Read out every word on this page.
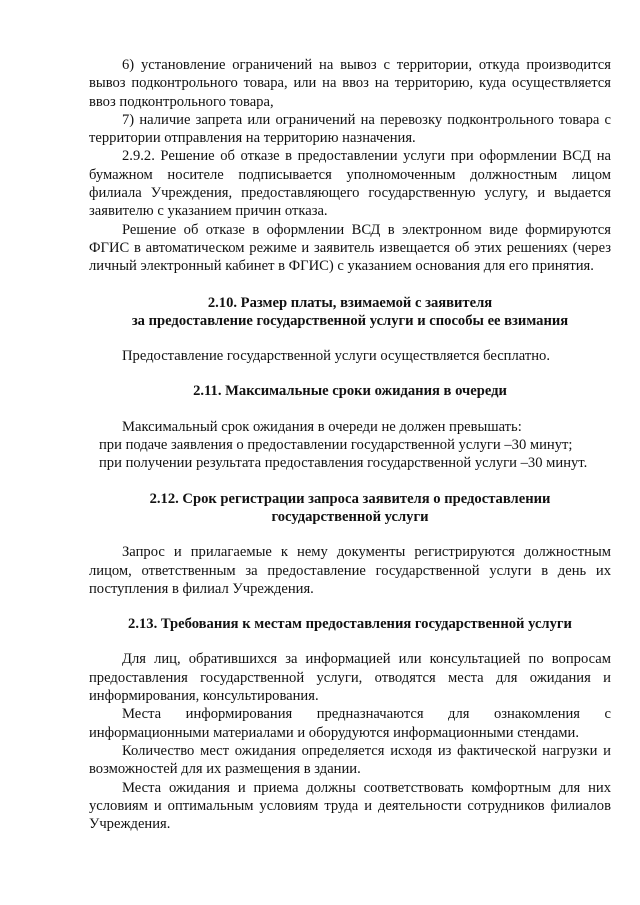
6) установление ограничений на вывоз с территории, откуда производится вывоз подконтрольного товара, или на ввоз на территорию, куда осуществляется ввоз подконтрольного товара,

7) наличие запрета или ограничений на перевозку подконтрольного товара с территории отправления на территорию назначения.

2.9.2. Решение об отказе в предоставлении услуги при оформлении ВСД на бумажном носителе подписывается уполномоченным должностным лицом филиала Учреждения, предоставляющего государственную услугу, и выдается заявителю с указанием причин отказа.

Решение об отказе в оформлении ВСД в электронном виде формируются ФГИС в автоматическом режиме и заявитель извещается об этих решениях (через личный электронный кабинет в ФГИС) с указанием основания для его принятия.

2.10. Размер платы, взимаемой с заявителя
за предоставление государственной услуги и способы ее взимания

Предоставление государственной услуги осуществляется бесплатно.

2.11. Максимальные сроки ожидания в очереди

Максимальный срок ожидания в очереди не должен превышать:

при подаче заявления о предоставлении государственной услуги –30 минут;

при получении результата предоставления государственной услуги –30 минут.

2.12. Срок регистрации запроса заявителя о предоставлении
государственной услуги

Запрос и прилагаемые к нему документы регистрируются должностным лицом, ответственным за предоставление государственной услуги в день их поступления в филиал Учреждения.

2.13. Требования к местам предоставления государственной услуги

Для лиц, обратившихся за информацией или консультацией по вопросам предоставления государственной услуги, отводятся места для ожидания и информирования, консультирования.

Места информирования предназначаются для ознакомления с информационными материалами и оборудуются информационными стендами.

Количество мест ожидания определяется исходя из фактической нагрузки и возможностей для их размещения в здании.

Места ожидания и приема должны соответствовать комфортным для них условиям и оптимальным условиям труда и деятельности сотрудников филиалов Учреждения.
